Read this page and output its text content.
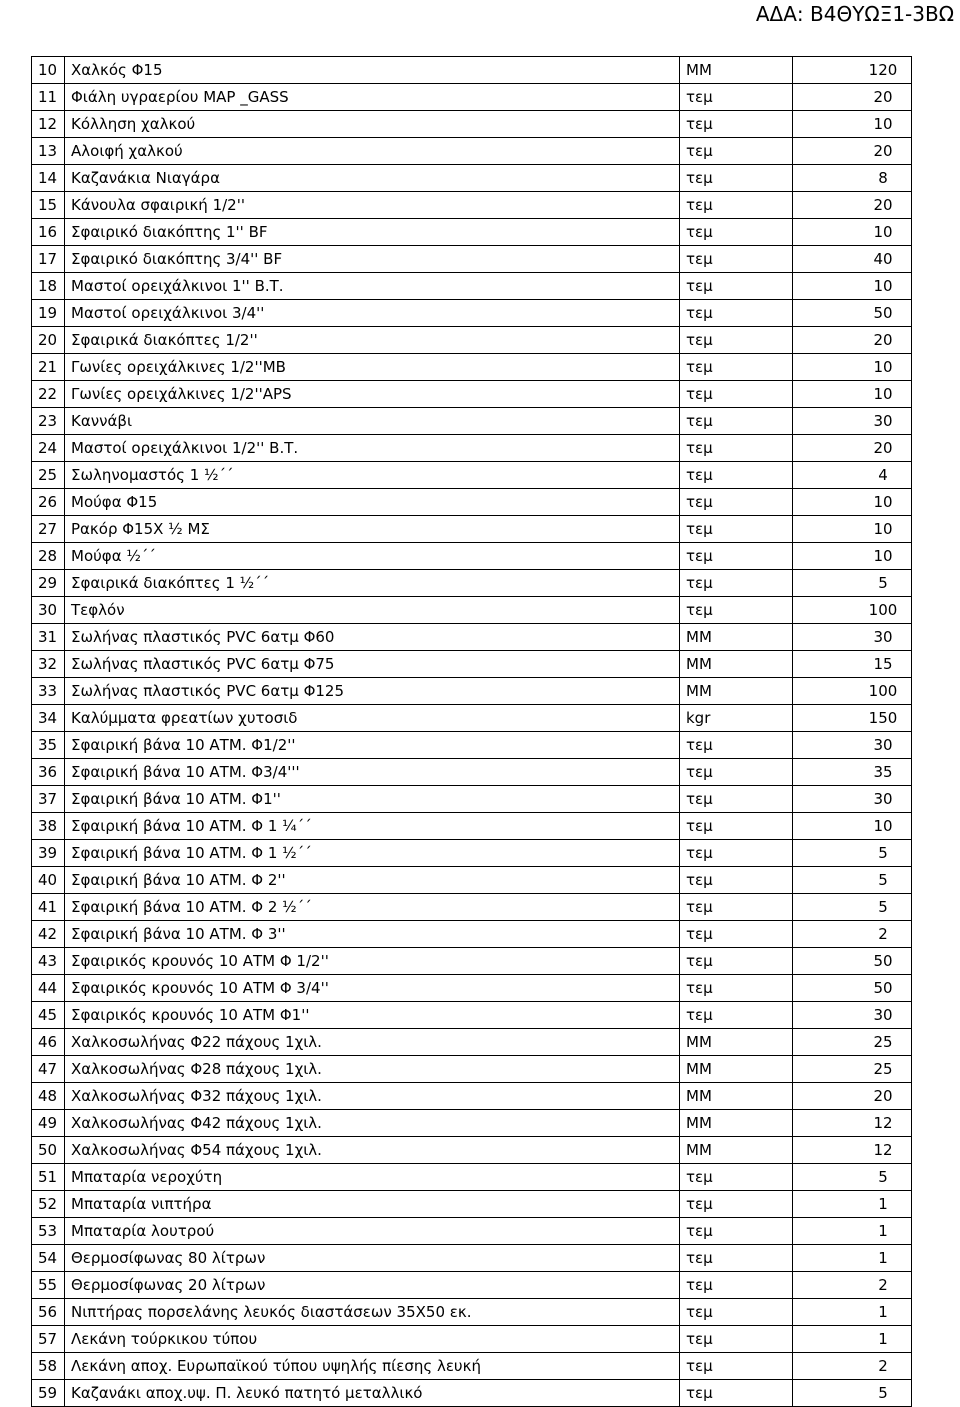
ΑΔΑ: Β4ΘΥΩΞ1-3ΒΩ
10	Χαλκός Φ15	ΜΜ	120
11	Φιάλη υγραερίου MAP _GASS	τεμ	20
12	Κόλληση χαλκού	τεμ	10
13	Αλοιφή χαλκού	τεμ	20
14	Καζανάκια Νιαγάρα	τεμ	8
15	Κάνουλα σφαιρική 1/2''	τεμ	20
16	Σφαιρικό διακόπτης 1'' BF	τεμ	10
17	Σφαιρικό διακόπτης 3/4'' BF	τεμ	40
18	Μαστοί ορειχάλκινοι 1'' Β.Τ.	τεμ	10
19	Μαστοί ορειχάλκινοι 3/4''	τεμ	50
20	Σφαιρικά διακόπτες 1/2''	τεμ	20
21	Γωνίες ορειχάλκινες 1/2''ΜΒ	τεμ	10
22	Γωνίες ορειχάλκινες 1/2''APS	τεμ	10
23	Καννάβι	τεμ	30
24	Μαστοί ορειχάλκινοι 1/2'' Β.Τ.	τεμ	20
25	Σωληνομαστός 1 ½΄΄	τεμ	4
26	Μούφα Φ15	τεμ	10
27	Ρακόρ Φ15Χ ½ ΜΣ	τεμ	10
28	Μούφα ½΄΄	τεμ	10
29	Σφαιρικά διακόπτες 1 ½΄΄	τεμ	5
30	Τεφλόν	τεμ	100
31	Σωλήνας πλαστικός PVC 6ατμ Φ60	ΜΜ	30
32	Σωλήνας πλαστικός PVC 6ατμ Φ75	ΜΜ	15
33	Σωλήνας πλαστικός PVC 6ατμ Φ125	ΜΜ	100
34	Καλύμματα φρεατίων χυτοσιδ	kgr	150
35	Σφαιρική βάνα 10 ΑΤΜ. Φ1/2''	τεμ	30
36	Σφαιρική βάνα 10 ΑΤΜ. Φ3/4'''	τεμ	35
37	Σφαιρική βάνα 10 ΑΤΜ. Φ1''	τεμ	30
38	Σφαιρική βάνα 10 ΑΤΜ. Φ 1 ¼΄΄	τεμ	10
39	Σφαιρική βάνα 10 ΑΤΜ. Φ 1 ½΄΄	τεμ	5
40	Σφαιρική βάνα 10 ΑΤΜ. Φ 2''	τεμ	5
41	Σφαιρική βάνα 10 ΑΤΜ. Φ 2 ½΄΄	τεμ	5
42	Σφαιρική βάνα 10 ΑΤΜ. Φ 3''	τεμ	2
43	Σφαιρικός κρουνός 10 ΑΤΜ Φ 1/2''	τεμ	50
44	Σφαιρικός κρουνός 10 ΑΤΜ Φ 3/4''	τεμ	50
45	Σφαιρικός κρουνός 10 ΑΤΜ Φ1''	τεμ	30
46	Χαλκοσωλήνας Φ22 πάχους 1χιλ.	ΜΜ	25
47	Χαλκοσωλήνας Φ28 πάχους 1χιλ.	ΜΜ	25
48	Χαλκοσωλήνας Φ32 πάχους 1χιλ.	ΜΜ	20
49	Χαλκοσωλήνας Φ42 πάχους 1χιλ.	ΜΜ	12
50	Χαλκοσωλήνας Φ54 πάχους 1χιλ.	ΜΜ	12
51	Μπαταρία νεροχύτη	τεμ	5
52	Μπαταρία νιπτήρα	τεμ	1
53	Μπαταρία λουτρού	τεμ	1
54	Θερμοσίφωνας 80 λίτρων	τεμ	1
55	Θερμοσίφωνας 20 λίτρων	τεμ	2
56	Νιπτήρας πορσελάνης λευκός διαστάσεων 35Χ50 εκ.	τεμ	1
57	Λεκάνη τούρκικου τύπου	τεμ	1
58	Λεκάνη αποχ. Ευρωπαϊκού τύπου υψηλής πίεσης λευκή	τεμ	2
59	Καζανάκι αποχ.υψ. Π. λευκό πατητό μεταλλικό	τεμ	5
